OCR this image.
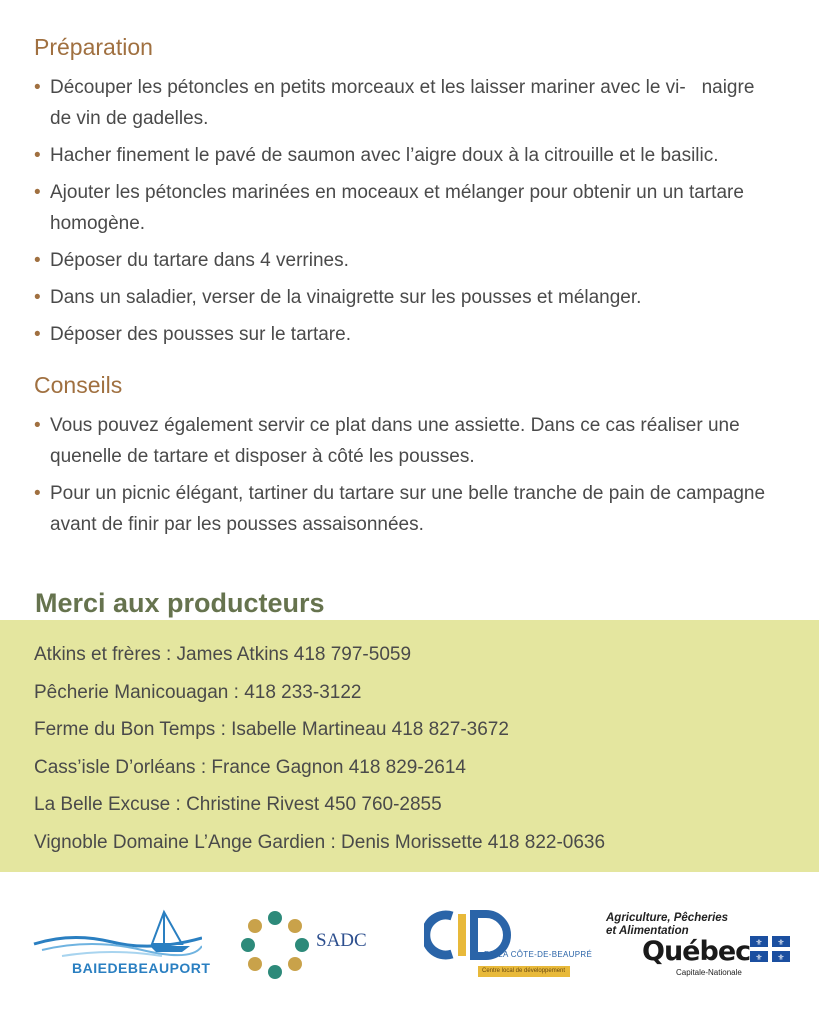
Préparation
• Découper les pétoncles en petits morceaux et les laisser mariner avec le vi-   naigre de vin de gadelles.
• Hacher finement le pavé de saumon avec l’aigre doux à la citrouille et le basilic.
• Ajouter les pétoncles marinées en moceaux et mélanger pour obtenir un un tartare homogène.
• Déposer du tartare dans 4 verrines.
• Dans un saladier, verser de la vinaigrette sur les pousses et mélanger.
• Déposer des pousses sur le tartare.
Conseils
• Vous pouvez également servir ce plat dans une assiette. Dans ce cas réaliser une quenelle de tartare et disposer à côté les pousses.
• Pour un picnic élégant, tartiner du tartare sur une belle tranche de pain de campagne avant de finir par les pousses assaisonnées.
Atkins et frères : James Atkins 418 797-5059
Pêcherie Manicouagan : 418 233-3122
Ferme du Bon Temps : Isabelle Martineau 418 827-3672
Cass’isle D’orléans : France Gagnon 418 829-2614
La Belle Excuse : Christine Rivest 450 760-2855
Vignoble Domaine L’Ange Gardien : Denis Morissette 418 822-0636
Merci aux producteurs
BAIEDEBEAUPORT
SADC
DE LA CÔTE-DE-BEAUPRÉ
Centre local de développement
Agriculture, Pêcheries
et Alimentation
Québec ⚜ ⚜
⚜ ⚜
Capitale-Nationale
